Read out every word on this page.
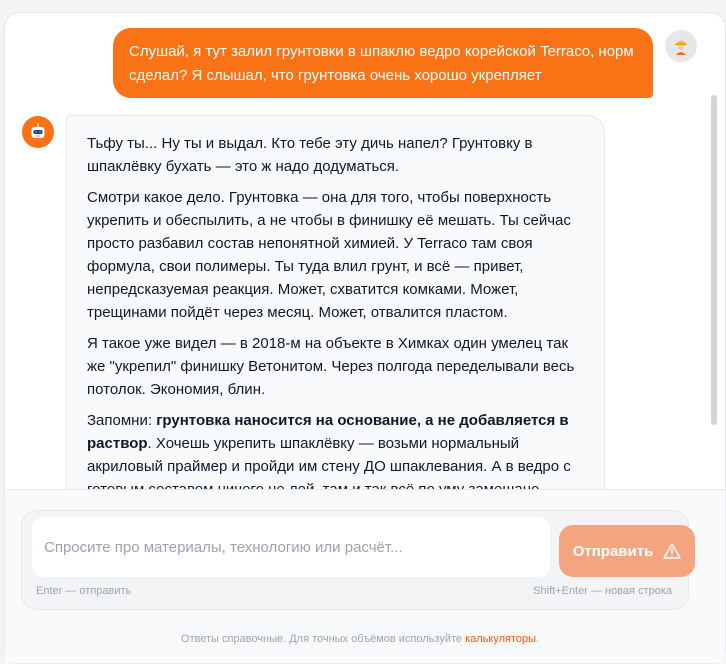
Слушай, я тут залил грунтовки в шпаклю ведро корейской Terraco, норм сделал? Я слышал, что грунтовка очень хорошо укрепляет

Тьфу ты... Ну ты и выдал. Кто тебе эту дичь напел? Грунтовку в шпаклёвку бухать — это ж надо додуматься.

Смотри какое дело. Грунтовка — она для того, чтобы поверхность укрепить и обеспылить, а не чтобы в финишку её мешать. Ты сейчас просто разбавил состав непонятной химией. У Terraco там своя формула, свои полимеры. Ты туда влил грунт, и всё — привет, непредсказуемая реакция. Может, схватится комками. Может, трещинами пойдёт через месяц. Может, отвалится пластом.

Я такое уже видел — в 2018-м на объекте в Химках один умелец так же "укрепил" финишку Ветонитом. Через полгода переделывали весь потолок. Экономия, блин.

Запомни: грунтовка наносится на основание, а не добавляется в раствор. Хочешь укрепить шпаклёвку — возьми нормальный акриловый праймер и пройди им стену ДО шпаклевания. А в ведро с

Спросите про материалы, технологию или расчёт...
Отправить
Enter — отправить	Shift+Enter — новая строка
Ответы справочные. Для точных объёмов используйте калькуляторы.
